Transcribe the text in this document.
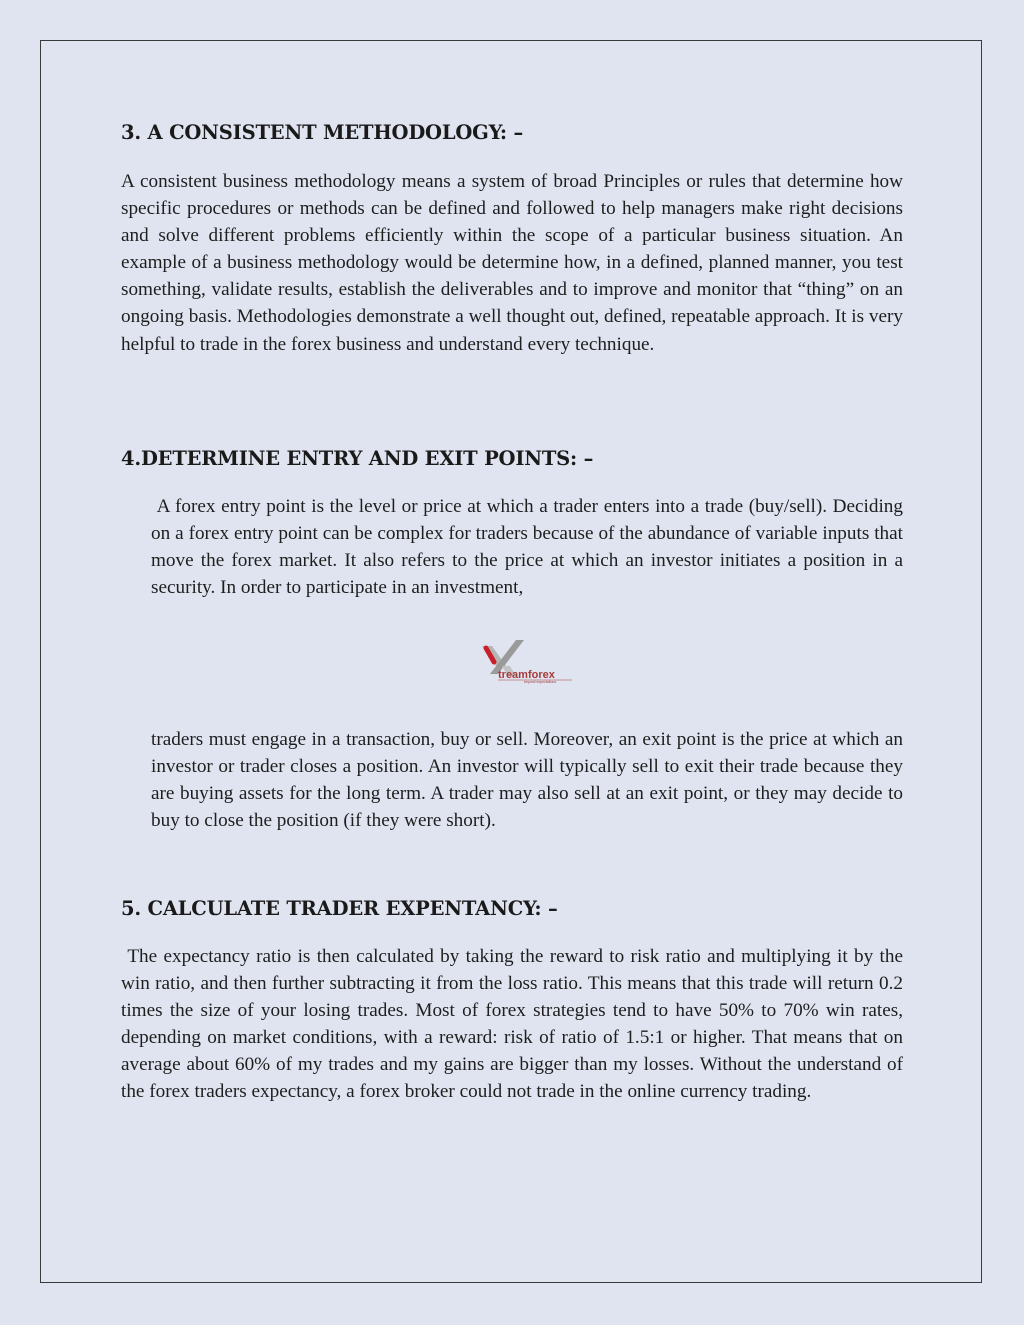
3. A CONSISTENT METHODOLOGY: –

A consistent business methodology means a system of broad Principles or rules that determine how specific procedures or methods can be defined and followed to help managers make right decisions and solve different problems efficiently within the scope of a particular business situation. An example of a business methodology would be determine how, in a defined, planned manner, you test something, validate results, establish the deliverables and to improve and monitor that “thing” on an ongoing basis. Methodologies demonstrate a well thought out, defined, repeatable approach. It is very helpful to trade in the forex business and understand every technique.

4.DETERMINE ENTRY AND EXIT POINTS: –

A forex entry point is the level or price at which a trader enters into a trade (buy/sell). Deciding on a forex entry point can be complex for traders because of the abundance of variable inputs that move the forex market. It also refers to the price at which an investor initiates a position in a security. In order to participate in an investment,

treamforex
beyond expectations

traders must engage in a transaction, buy or sell. Moreover, an exit point is the price at which an investor or trader closes a position. An investor will typically sell to exit their trade because they are buying assets for the long term. A trader may also sell at an exit point, or they may decide to buy to close the position (if they were short).

5. CALCULATE TRADER EXPENTANCY: –

The expectancy ratio is then calculated by taking the reward to risk ratio and multiplying it by the win ratio, and then further subtracting it from the loss ratio. This means that this trade will return 0.2 times the size of your losing trades. Most of forex strategies tend to have 50% to 70% win rates, depending on market conditions, with a reward: risk of ratio of 1.5:1 or higher. That means that on average about 60% of my trades and my gains are bigger than my losses. Without the understand of the forex traders expectancy, a forex broker could not trade in the online currency trading.
